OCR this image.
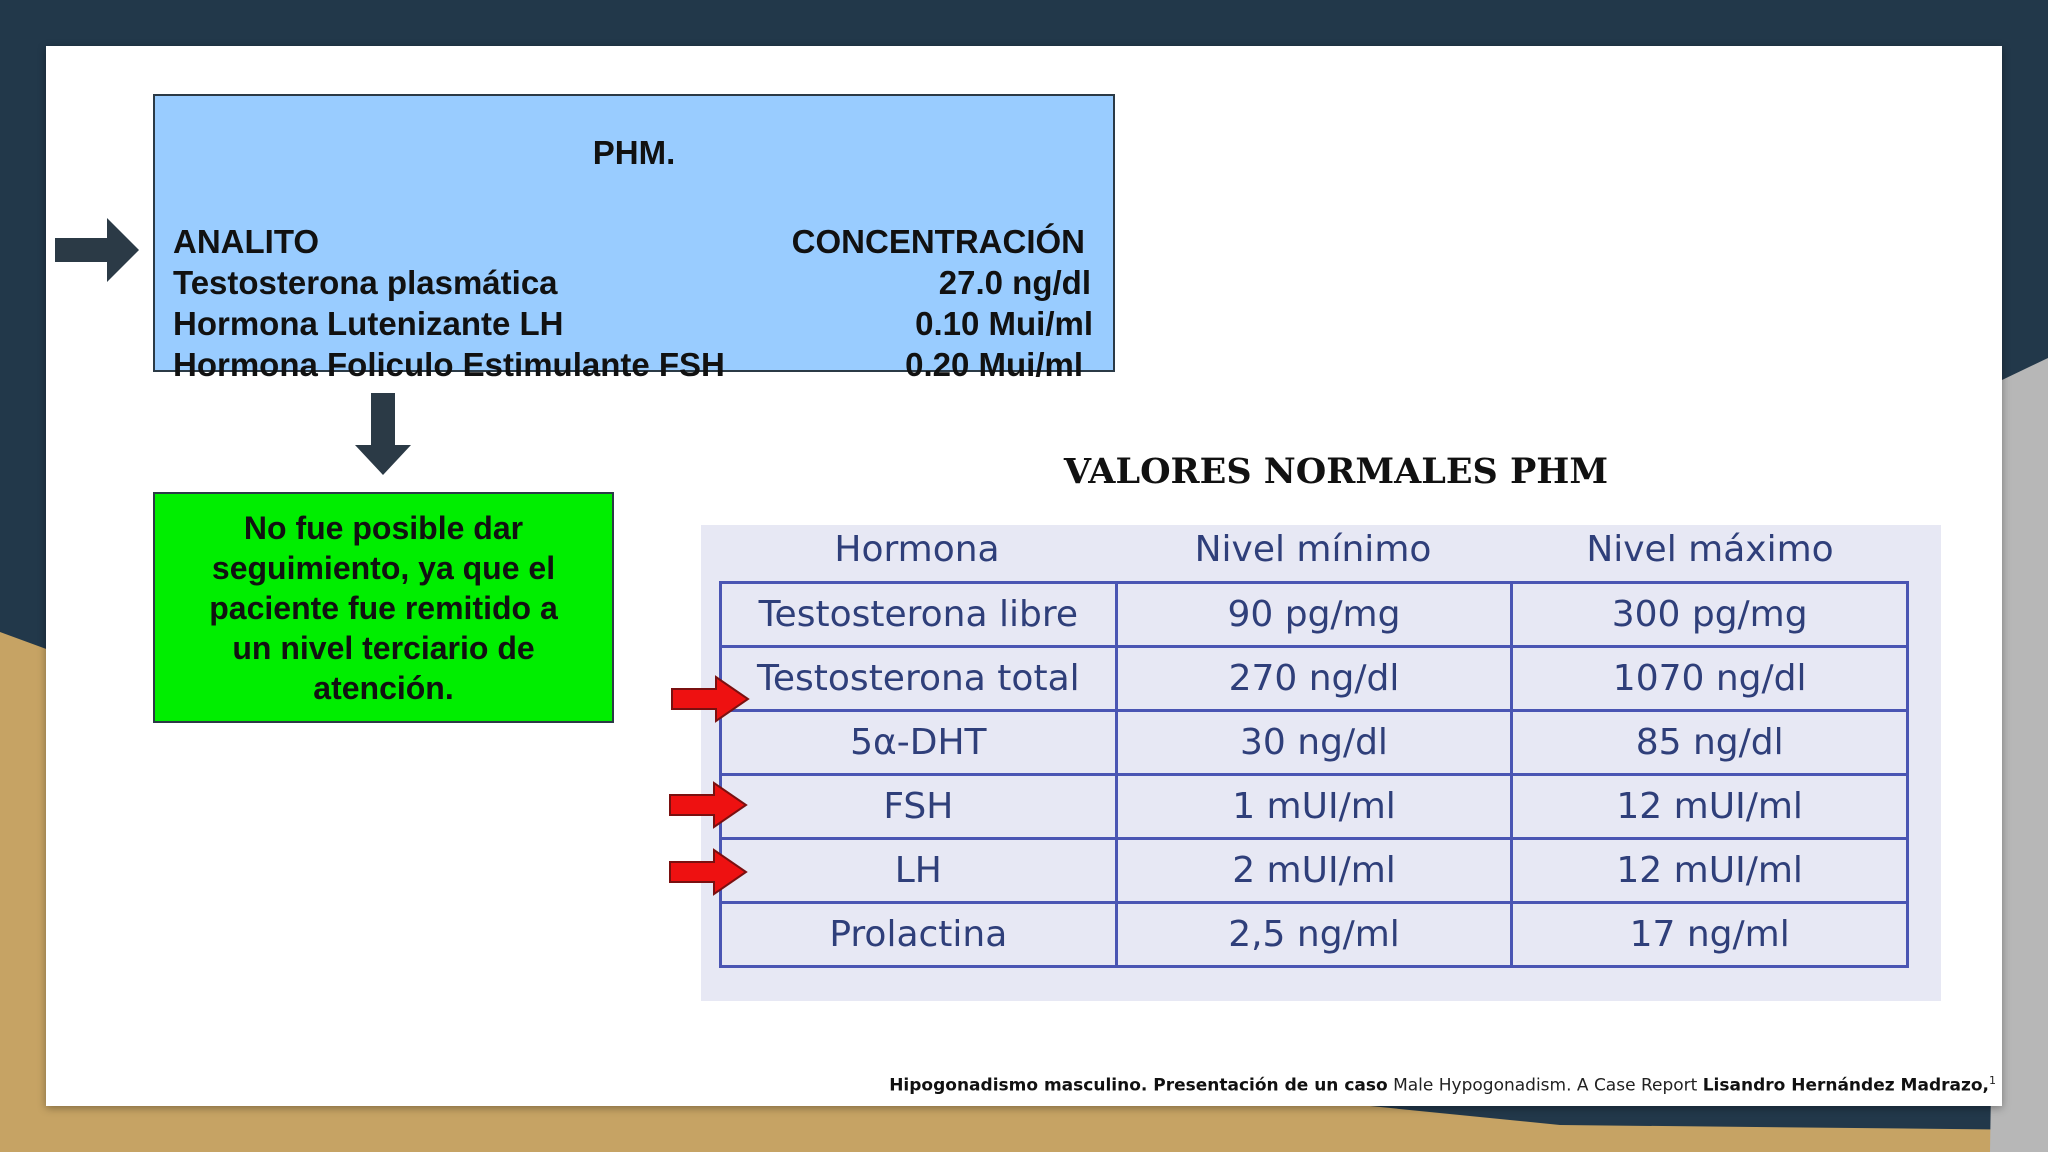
PHM.
ANALITO	CONCENTRACIÓN
Testosterona plasmática	27.0 ng/dl
Hormona Lutenizante LH	0.10 Mui/ml
Hormona Foliculo Estimulante FSH	0.20 Mui/ml
No fue posible dar seguimiento, ya que el paciente fue remitido a un nivel terciario de atención.
VALORES NORMALES PHM
Hormona	Nivel mínimo	Nivel máximo
Testosterona libre	90 pg/mg	300 pg/mg
Testosterona total	270 ng/dl	1070 ng/dl
5α-DHT	30 ng/dl	85 ng/dl
FSH	1 mUI/ml	12 mUI/ml
LH	2 mUI/ml	12 mUI/ml
Prolactina	2,5 ng/ml	17 ng/ml
Hipogonadismo masculino. Presentación de un caso Male Hypogonadism. A Case Report Lisandro Hernández Madrazo,$^1$
